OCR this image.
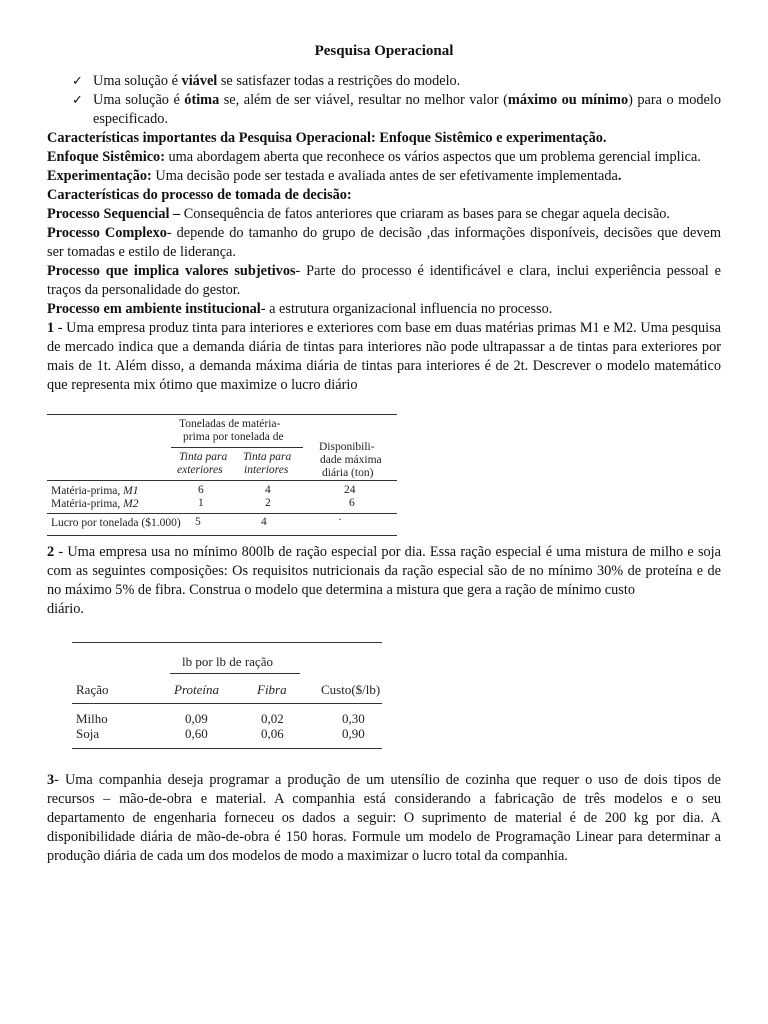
Pesquisa Operacional
✓ Uma solução é viável se satisfazer todas a restrições do modelo.
✓ Uma solução é ótima se, além de ser viável, resultar no melhor valor (máximo ou mínimo) para o modelo especificado.

Características importantes da Pesquisa Operacional: Enfoque Sistêmico e experimentação.

Enfoque Sistêmico: uma abordagem aberta que reconhece os vários aspectos que um problema gerencial implica.

Experimentação: Uma decisão pode ser testada e avaliada antes de ser efetivamente implementada.

Características do processo de tomada de decisão:

Processo Sequencial – Consequência de fatos anteriores que criaram as bases para se chegar aquela decisão.

Processo Complexo- depende do tamanho do grupo de decisão ,das informações disponíveis, decisões que devem ser tomadas e estilo de liderança.

Processo que implica valores subjetivos- Parte do processo é identificável e clara, inclui experiência pessoal e traços da personalidade do gestor.

Processo em ambiente institucional- a estrutura organizacional influencia no processo.

1 - Uma empresa produz tinta para interiores e exteriores com base em duas matérias primas M1 e M2. Uma pesquisa de mercado indica que a demanda diária de tintas para interiores não pode ultrapassar a de tintas para exteriores por mais de 1t. Além disso, a demanda máxima diária de tintas para interiores é de 2t. Descrever o modelo matemático que representa mix ótimo que maximize o lucro diário

Toneladas de matéria-
prima por tonelada de
Tinta para
exteriores
Tinta para
interiores
Disponibili-
dade máxima
diária (ton)
Matéria-prima, M1	6	4	24
Matéria-prima, M2	1	2	6
Lucro por tonelada ($1.000) 5	4	·

2 - Uma empresa usa no mínimo 800lb de ração especial por dia. Essa ração especial é uma mistura de milho e soja com as seguintes composições: Os requisitos nutricionais da ração especial são de no mínimo 30% de proteína e de no máximo 5% de fibra. Construa o modelo que determina a mistura que gera a ração de mínimo custo

diário.

lb por lb de ração
Ração	Proteína	Fibra	Custo($/lb)
Milho	0,09	0,02	0,30
Soja	0,60	0,06	0,90

3- Uma companhia deseja programar a produção de um utensílio de cozinha que requer o uso de dois tipos de recursos – mão-de-obra e material. A companhia está considerando a fabricação de três modelos e o seu departamento de engenharia forneceu os dados a seguir: O suprimento de material é de 200 kg por dia. A disponibilidade diária de mão-de-obra é 150 horas. Formule um modelo de Programação Linear para determinar a produção diária de cada um dos modelos de modo a maximizar o lucro total da companhia.
